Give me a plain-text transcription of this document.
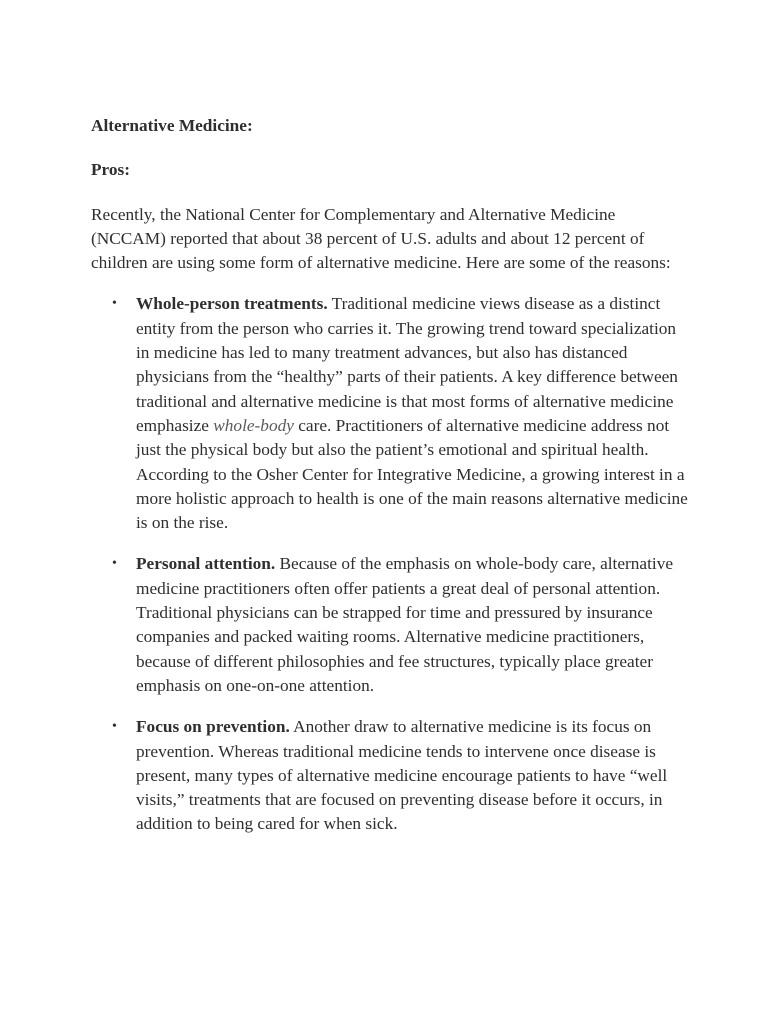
Alternative Medicine:

Pros:

Recently, the National Center for Complementary and Alternative Medicine (NCCAM) reported that about 38 percent of U.S. adults and about 12 percent of children are using some form of alternative medicine. Here are some of the reasons:

• Whole-person treatments. Traditional medicine views disease as a distinct entity from the person who carries it. The growing trend toward specialization in medicine has led to many treatment advances, but also has distanced physicians from the “healthy” parts of their patients. A key difference between traditional and alternative medicine is that most forms of alternative medicine emphasize whole-body care. Practitioners of alternative medicine address not just the physical body but also the patient’s emotional and spiritual health. According to the Osher Center for Integrative Medicine, a growing interest in a more holistic approach to health is one of the main reasons alternative medicine is on the rise.
• Personal attention. Because of the emphasis on whole-body care, alternative medicine practitioners often offer patients a great deal of personal attention. Traditional physicians can be strapped for time and pressured by insurance companies and packed waiting rooms. Alternative medicine practitioners, because of different philosophies and fee structures, typically place greater emphasis on one-on-one attention.
• Focus on prevention. Another draw to alternative medicine is its focus on prevention. Whereas traditional medicine tends to intervene once disease is present, many types of alternative medicine encourage patients to have “well visits,” treatments that are focused on preventing disease before it occurs, in addition to being cared for when sick.
